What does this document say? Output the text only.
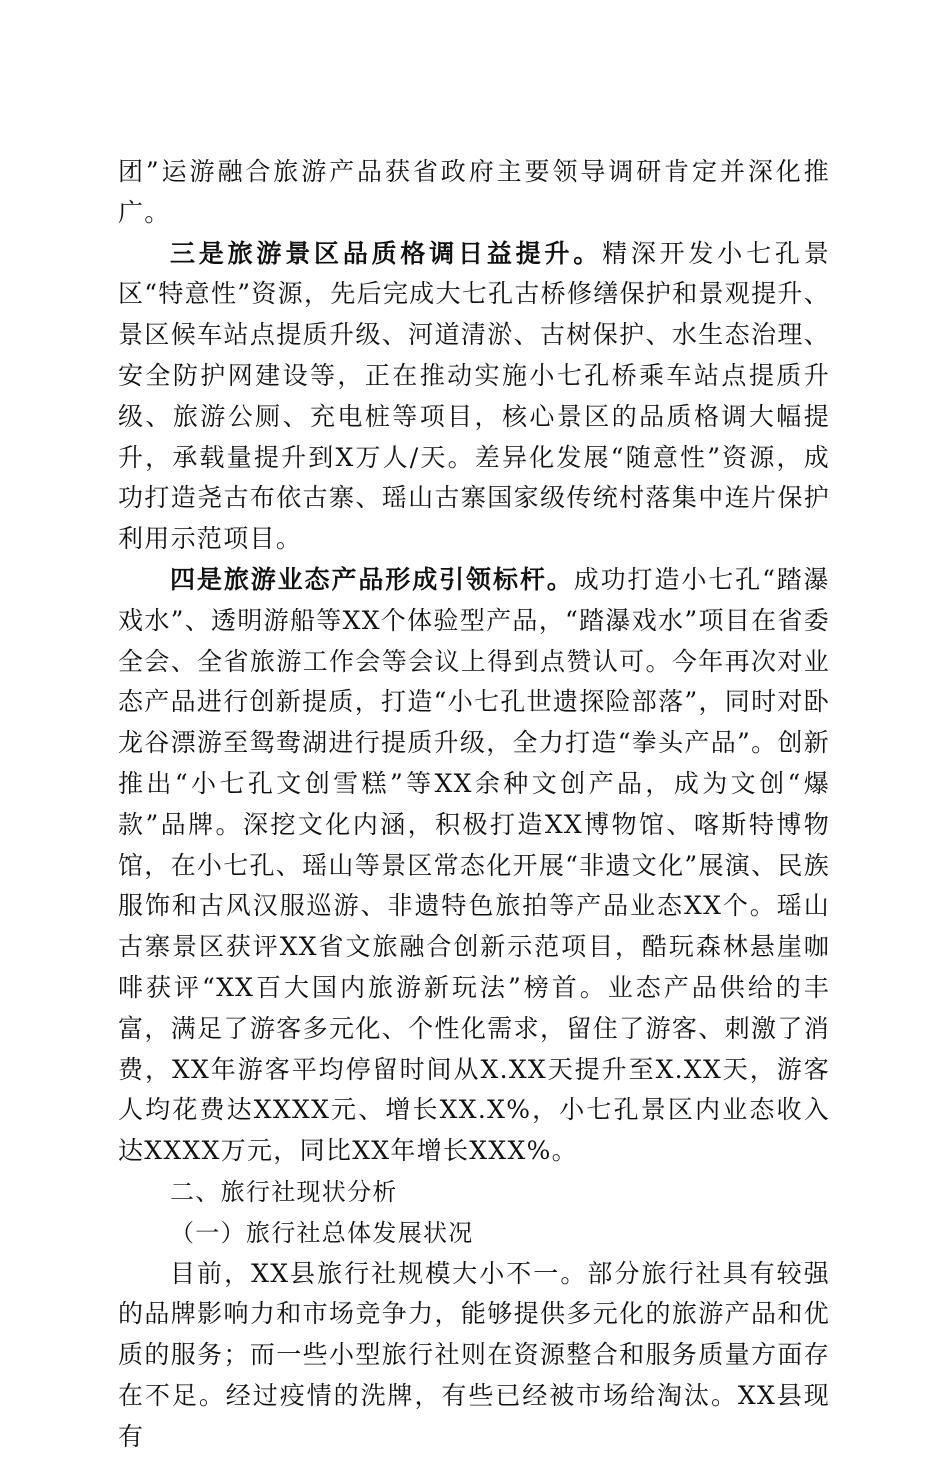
团”运游融合旅游产品获省政府主要领导调研肯定并深化推广。

三是旅游景区品质格调日益提升。精深开发小七孔景区“特意性”资源，先后完成大七孔古桥修缮保护和景观提升、景区候车站点提质升级、河道清淤、古树保护、水生态治理、安全防护网建设等，正在推动实施小七孔桥乘车站点提质升级、旅游公厕、充电桩等项目，核心景区的品质格调大幅提升，承载量提升到X万人/天。差异化发展“随意性”资源，成功打造尧古布依古寨、瑶山古寨国家级传统村落集中连片保护利用示范项目。

四是旅游业态产品形成引领标杆。成功打造小七孔“踏瀑戏水”、透明游船等XX个体验型产品，“踏瀑戏水”项目在省委全会、全省旅游工作会等会议上得到点赞认可。今年再次对业态产品进行创新提质，打造“小七孔世遗探险部落”，同时对卧龙谷漂游至鸳鸯湖进行提质升级，全力打造“拳头产品”。创新推出“小七孔文创雪糕”等XX余种文创产品，成为文创“爆款”品牌。深挖文化内涵，积极打造XX博物馆、喀斯特博物馆，在小七孔、瑶山等景区常态化开展“非遗文化”展演、民族服饰和古风汉服巡游、非遗特色旅拍等产品业态XX个。瑶山古寨景区获评XX省文旅融合创新示范项目，酷玩森林悬崖咖啡获评“XX百大国内旅游新玩法”榜首。业态产品供给的丰富，满足了游客多元化、个性化需求，留住了游客、刺激了消费，XX年游客平均停留时间从X.XX天提升至X.XX天，游客人均花费达XXXX元、增长XX.X%，小七孔景区内业态收入达XXXX万元，同比XX年增长XXX%。

二、旅行社现状分析

（一）旅行社总体发展状况

目前，XX县旅行社规模大小不一。部分旅行社具有较强的品牌影响力和市场竞争力，能够提供多元化的旅游产品和优质的服务；而一些小型旅行社则在资源整合和服务质量方面存在不足。经过疫情的洗牌，有些已经被市场给淘汰。XX县现有
